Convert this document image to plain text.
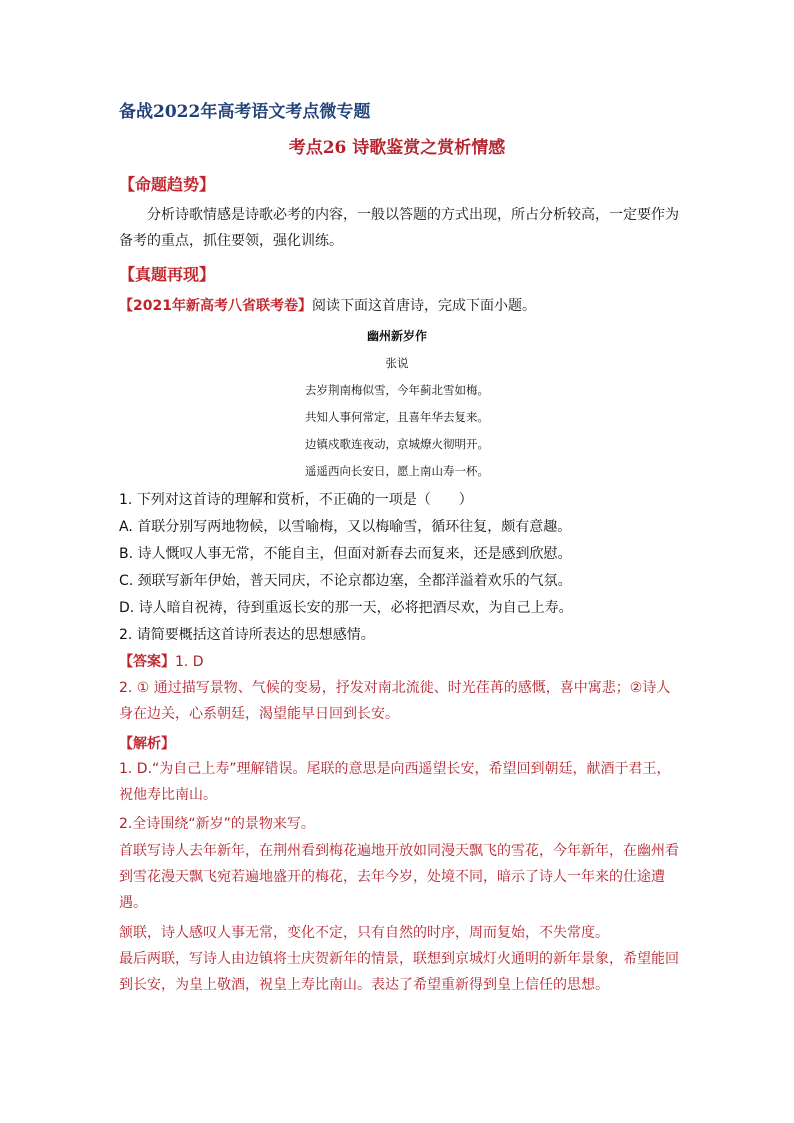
备战2022年高考语文考点微专题
考点26 诗歌鉴赏之赏析情感
【命题趋势】
分析诗歌情感是诗歌必考的内容，一般以答题的方式出现，所占分析较高，一定要作为备考的重点，抓住要领，强化训练。
【真题再现】
【2021年新高考八省联考卷】阅读下面这首唐诗，完成下面小题。
幽州新岁作
张说
去岁荆南梅似雪，今年蓟北雪如梅。
共知人事何常定，且喜年华去复来。
边镇戍歌连夜动，京城燎火彻明开。
遥遥西向长安日，愿上南山寿一杯。
1. 下列对这首诗的理解和赏析，不正确的一项是（　　）
A. 首联分别写两地物候，以雪喻梅，又以梅喻雪，循环往复，颇有意趣。
B. 诗人慨叹人事无常，不能自主，但面对新春去而复来，还是感到欣慰。
C. 颈联写新年伊始，普天同庆，不论京都边塞，全都洋溢着欢乐的气氛。
D. 诗人暗自祝祷，待到重返长安的那一天，必将把酒尽欢，为自己上寿。
2. 请简要概括这首诗所表达的思想感情。
【答案】1. D
2. ① 通过描写景物、气候的变易，抒发对南北流徙、时光荏苒的感慨，喜中寓悲；②诗人身在边关，心系朝廷，渴望能早日回到长安。
【解析】
1. D.“为自己上寿”理解错误。尾联的意思是向西遥望长安，希望回到朝廷，献酒于君王，祝他寿比南山。
2.全诗围绕“新岁”的景物来写。
首联写诗人去年新年，在荆州看到梅花遍地开放如同漫天飘飞的雪花，今年新年，在幽州看到雪花漫天飘飞宛若遍地盛开的梅花，去年今岁，处境不同，暗示了诗人一年来的仕途遭遇。
颔联，诗人感叹人事无常，变化不定，只有自然的时序，周而复始，不失常度。
最后两联，写诗人由边镇将士庆贺新年的情景，联想到京城灯火通明的新年景象，希望能回到长安，为皇上敬酒，祝皇上寿比南山。表达了希望重新得到皇上信任的思想。
